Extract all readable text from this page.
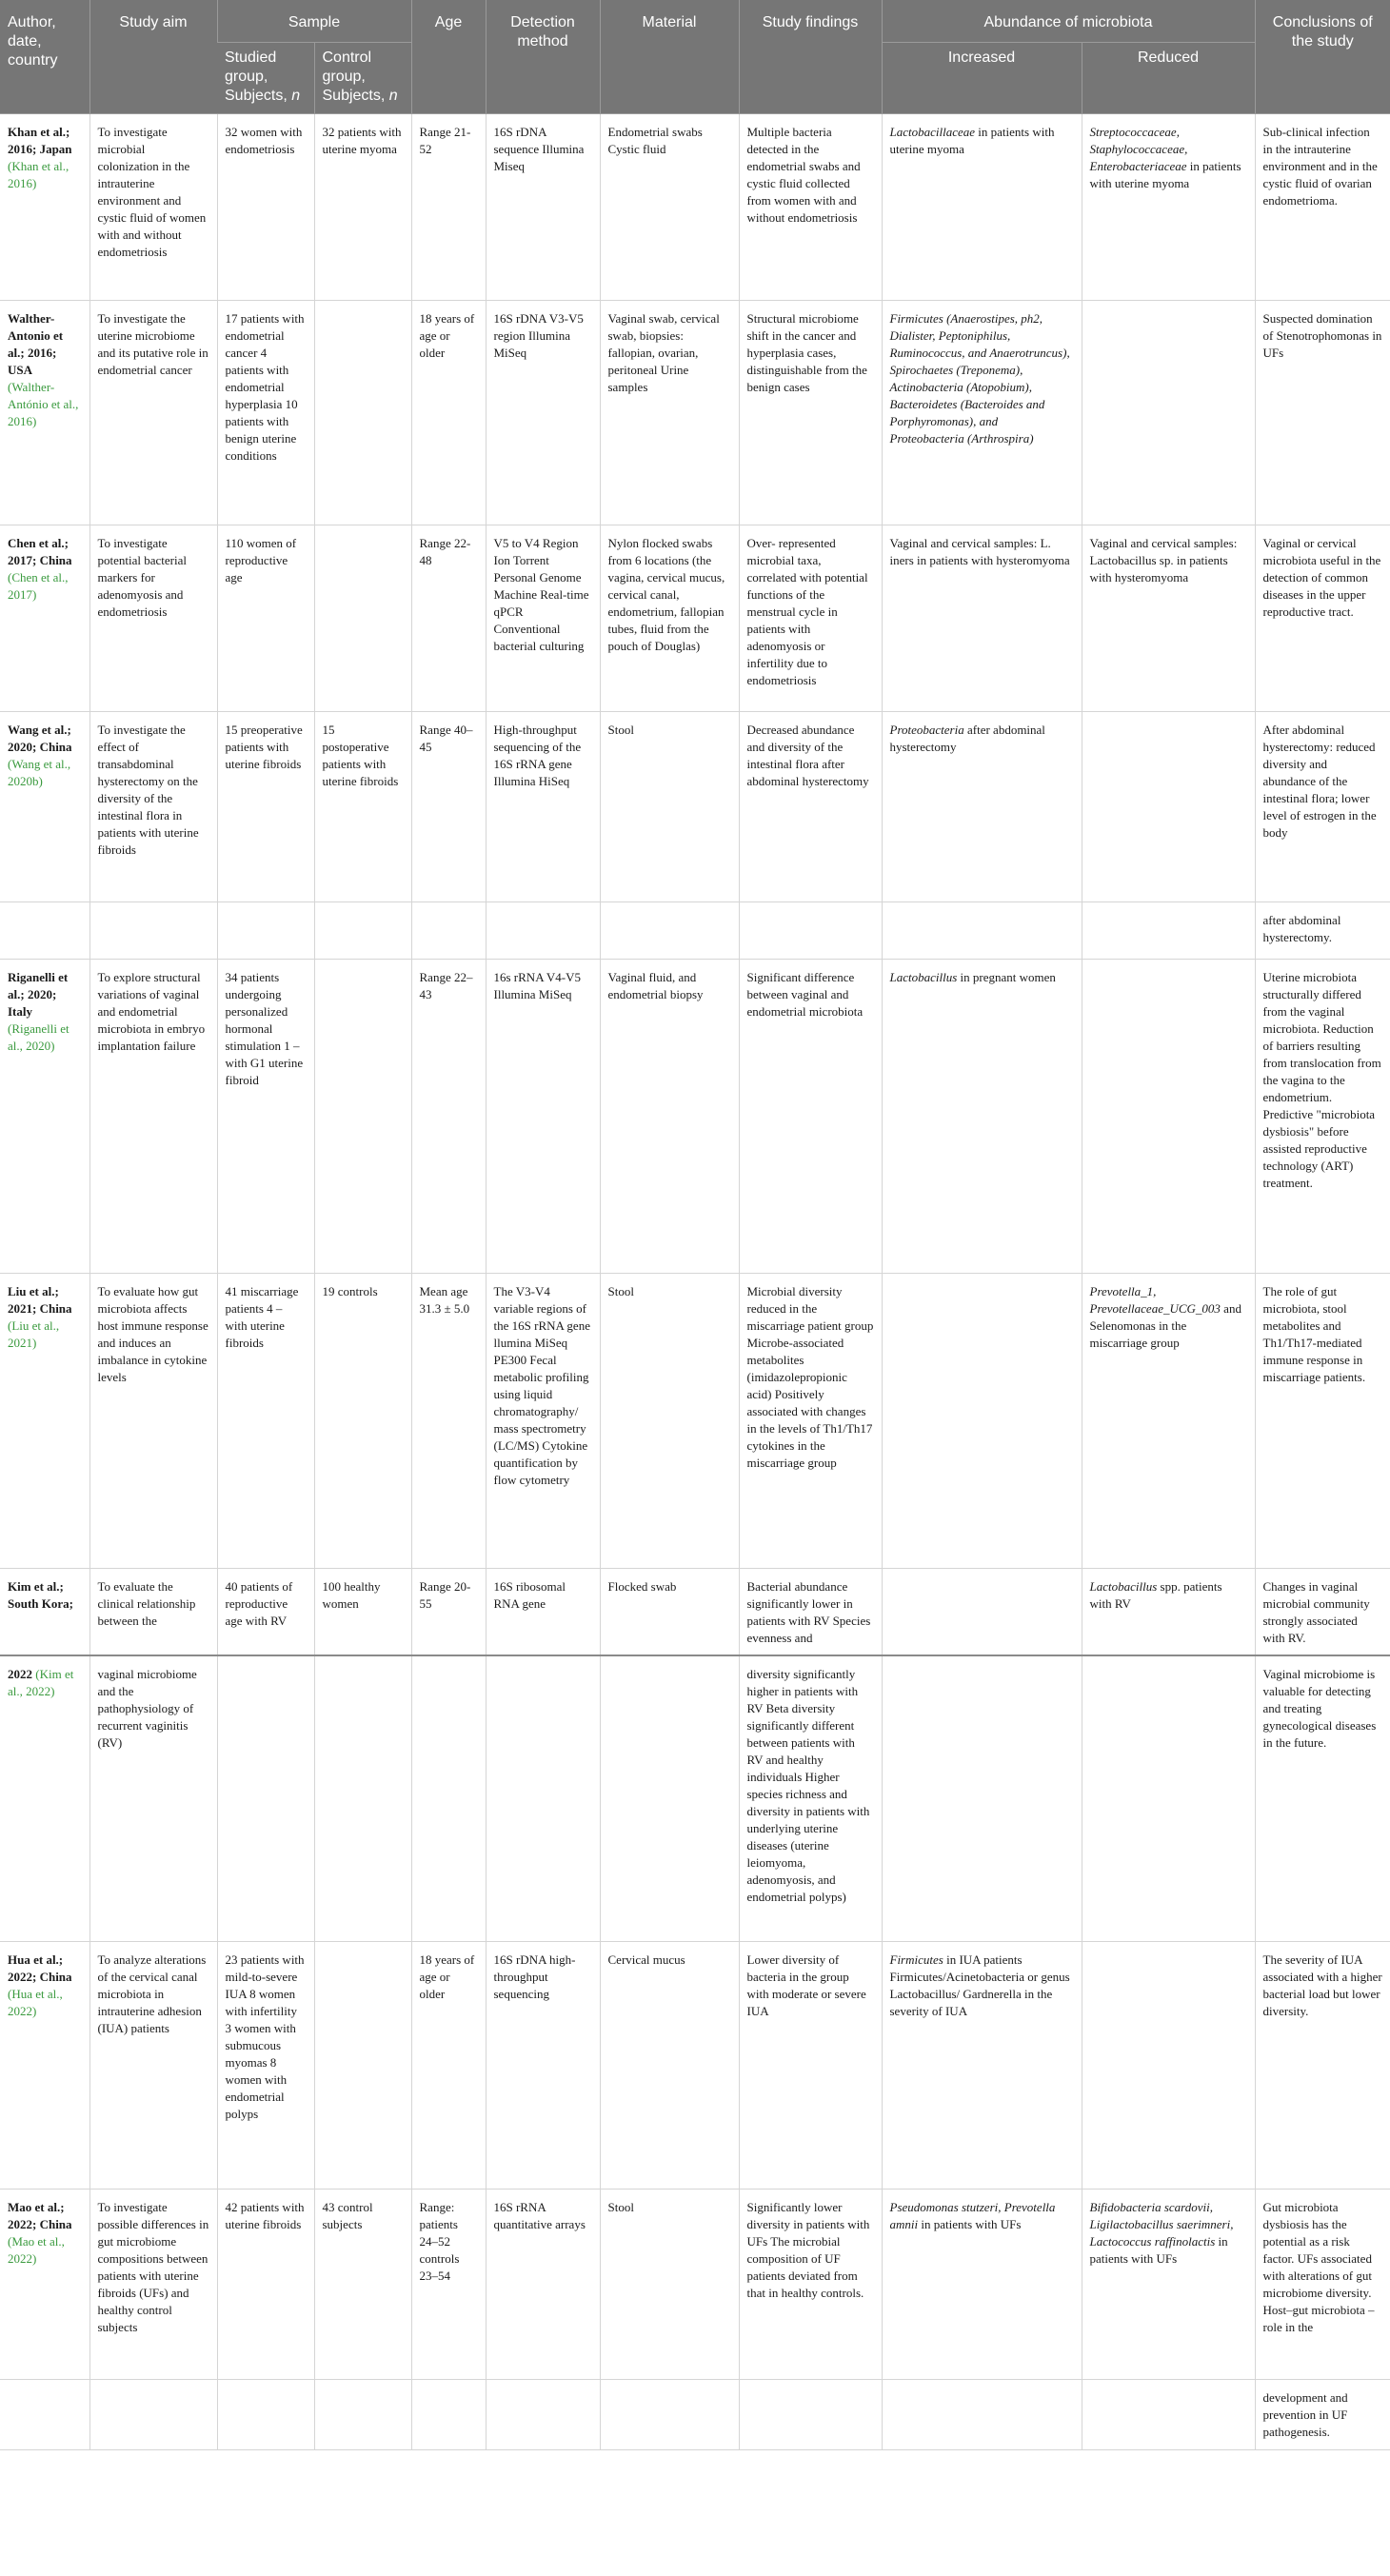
Author, date, country	Study aim	Sample		Age	Detection method	Material	Study findings	Abundance of microbiota		Conclusions of the study
		Studied group, Subjects, n	Control group, Subjects, n					Increased	Reduced	
Khan et al.; 2016; Japan (Khan et al., 2016)	To investigate microbial colonization in the intrauterine environment and cystic fluid of women with and without endometriosis	32 women with endometriosis	32 patients with uterine myoma	Range 21-52	16S rDNA sequence Illumina Miseq	Endometrial swabs Cystic fluid	Multiple bacteria detected in the endometrial swabs and cystic fluid collected from women with and without endometriosis	Lactobacillaceae in patients with uterine myoma	Streptococcaceae, Staphylococcaceae, Enterobacteriaceae in patients with uterine myoma	Sub-clinical infection in the intrauterine environment and in the cystic fluid of ovarian endometrioma.
Walther-Antonio et al.; 2016; USA (Walther-António et al., 2016)	To investigate the uterine microbiome and its putative role in endometrial cancer	17 patients with endometrial cancer 4 patients with endometrial hyperplasia 10 patients with benign uterine conditions		18 years of age or older	16S rDNA V3-V5 region Illumina MiSeq	Vaginal swab, cervical swab, biopsies: fallopian, ovarian, peritoneal Urine samples	Structural microbiome shift in the cancer and hyperplasia cases, distinguishable from the benign cases	Firmicutes (Anaerostipes, ph2, Dialister, Peptoniphilus, Ruminococcus, and Anaerotruncus), Spirochaetes (Treponema), Actinobacteria (Atopobium), Bacteroidetes (Bacteroides and Porphyromonas), and Proteobacteria (Arthrospira)		Suspected domination of Stenotrophomonas in UFs
Chen et al.; 2017; China (Chen et al., 2017)	To investigate potential bacterial markers for adenomyosis and endometriosis	110 women of reproductive age		Range 22-48	V5 to V4 Region Ion Torrent Personal Genome Machine Real-time qPCR Conventional bacterial culturing	Nylon flocked swabs from 6 locations (the vagina, cervical mucus, cervical canal, endometrium, fallopian tubes, fluid from the pouch of Douglas)	Over- represented microbial taxa, correlated with potential functions of the menstrual cycle in patients with adenomyosis or infertility due to endometriosis	Vaginal and cervical samples: L. iners in patients with hysteromyoma	Vaginal and cervical samples: Lactobacillus sp. in patients with hysteromyoma	Vaginal or cervical microbiota useful in the detection of common diseases in the upper reproductive tract.
Wang et al.; 2020; China (Wang et al., 2020b)	To investigate the effect of transabdominal hysterectomy on the diversity of the intestinal flora in patients with uterine fibroids	15 preoperative patients with uterine fibroids	15 postoperative patients with uterine fibroids	Range 40–45	High-throughput sequencing of the 16S rRNA gene Illumina HiSeq	Stool	Decreased abundance and diversity of the intestinal flora after abdominal hysterectomy	Proteobacteria after abdominal hysterectomy		After abdominal hysterectomy: reduced diversity and abundance of the intestinal flora; lower level of estrogen in the body
										after abdominal hysterectomy.
Riganelli et al.; 2020; Italy (Riganelli et al., 2020)	To explore structural variations of vaginal and endometrial microbiota in embryo implantation failure	34 patients undergoing personalized hormonal stimulation 1 – with G1 uterine fibroid		Range 22–43	16s rRNA V4-V5 Illumina MiSeq	Vaginal fluid, and endometrial biopsy	Significant difference between vaginal and endometrial microbiota	Lactobacillus in pregnant women		Uterine microbiota structurally differed from the vaginal microbiota. Reduction of barriers resulting from translocation from the vagina to the endometrium. Predictive "microbiota dysbiosis" before assisted reproductive technology (ART) treatment.
Liu et al.; 2021; China (Liu et al., 2021)	To evaluate how gut microbiota affects host immune response and induces an imbalance in cytokine levels	41 miscarriage patients 4 – with uterine fibroids	19 controls	Mean age 31.3 ± 5.0	The V3-V4 variable regions of the 16S rRNA gene llumina MiSeq PE300 Fecal metabolic profiling using liquid chromatography/ mass spectrometry (LC/MS) Cytokine quantification by flow cytometry	Stool	Microbial diversity reduced in the miscarriage patient group Microbe-associated metabolites (imidazolepropionic acid) Positively associated with changes in the levels of Th1/Th17 cytokines in the miscarriage group		Prevotella_1, Prevotellaceae_UCG_003 and Selenomonas in the miscarriage group	The role of gut microbiota, stool metabolites and Th1/Th17-mediated immune response in miscarriage patients.
Kim et al.; South Kora;	To evaluate the clinical relationship between the	40 patients of reproductive age with RV	100 healthy women	Range 20- 55	16S ribosomal RNA gene	Flocked swab	Bacterial abundance significantly lower in patients with RV Species evenness and		Lactobacillus spp. patients with RV	Changes in vaginal microbial community strongly associated with RV.
2022 (Kim et al., 2022)	vaginal microbiome and the pathophysiology of recurrent vaginitis (RV)						diversity significantly higher in patients with RV Beta diversity significantly different between patients with RV and healthy individuals Higher species richness and diversity in patients with underlying uterine diseases (uterine leiomyoma, adenomyosis, and endometrial polyps)			Vaginal microbiome is valuable for detecting and treating gynecological diseases in the future.
Hua et al.; 2022; China (Hua et al., 2022)	To analyze alterations of the cervical canal microbiota in intrauterine adhesion (IUA) patients	23 patients with mild-to-severe IUA 8 women with infertility 3 women with submucous myomas 8 women with endometrial polyps		18 years of age or older	16S rDNA high-throughput sequencing	Cervical mucus	Lower diversity of bacteria in the group with moderate or severe IUA	Firmicutes in IUA patients Firmicutes/Acinetobacteria or genus Lactobacillus/ Gardnerella in the severity of IUA		The severity of IUA associated with a higher bacterial load but lower diversity.
Mao et al.; 2022; China (Mao et al., 2022)	To investigate possible differences in gut microbiome compositions between patients with uterine fibroids (UFs) and healthy control subjects	42 patients with uterine fibroids	43 control subjects	Range: patients 24–52 controls 23–54	16S rRNA quantitative arrays	Stool	Significantly lower diversity in patients with UFs The microbial composition of UF patients deviated from that in healthy controls.	Pseudomonas stutzeri, Prevotella amnii in patients with UFs	Bifidobacteria scardovii, Ligilactobacillus saerimneri, Lactococcus raffinolactis in patients with UFs	Gut microbiota dysbiosis has the potential as a risk factor. UFs associated with alterations of gut microbiome diversity. Host–gut microbiota – role in the
										development and prevention in UF pathogenesis.
